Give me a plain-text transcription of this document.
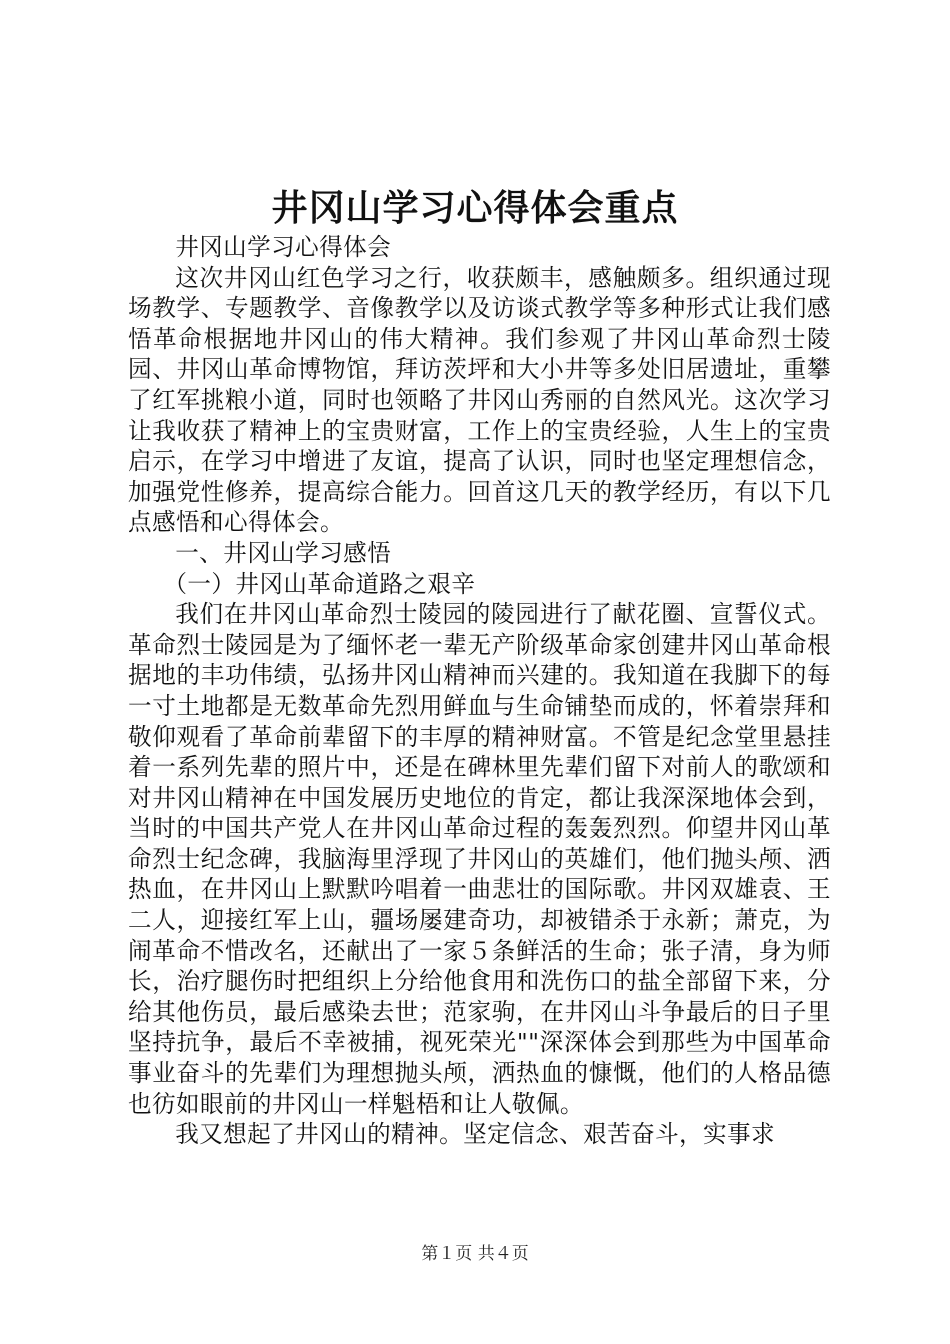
井冈山学习心得体会重点

井冈山学习心得体会

这次井冈山红色学习之行，收获颇丰，感触颇多。组织通过现场教学、专题教学、音像教学以及访谈式教学等多种形式让我们感悟革命根据地井冈山的伟大精神。我们参观了井冈山革命烈士陵园、井冈山革命博物馆，拜访茨坪和大小井等多处旧居遗址，重攀了红军挑粮小道，同时也领略了井冈山秀丽的自然风光。这次学习让我收获了精神上的宝贵财富，工作上的宝贵经验，人生上的宝贵启示，在学习中增进了友谊，提高了认识，同时也坚定理想信念，加强党性修养，提高综合能力。回首这几天的教学经历，有以下几点感悟和心得体会。

一、井冈山学习感悟

（一）井冈山革命道路之艰辛

我们在井冈山革命烈士陵园的陵园进行了献花圈、宣誓仪式。革命烈士陵园是为了缅怀老一辈无产阶级革命家创建井冈山革命根据地的丰功伟绩，弘扬井冈山精神而兴建的。我知道在我脚下的每一寸土地都是无数革命先烈用鲜血与生命铺垫而成的，怀着崇拜和敬仰观看了革命前辈留下的丰厚的精神财富。不管是纪念堂里悬挂着一系列先辈的照片中，还是在碑林里先辈们留下对前人的歌颂和对井冈山精神在中国发展历史地位的肯定，都让我深深地体会到，当时的中国共产党人在井冈山革命过程的轰轰烈烈。仰望井冈山革命烈士纪念碑，我脑海里浮现了井冈山的英雄们，他们抛头颅、洒热血，在井冈山上默默吟唱着一曲悲壮的国际歌。井冈双雄袁、王二人，迎接红军上山，疆场屡建奇功，却被错杀于永新；萧克，为闹革命不惜改名，还献出了一家５条鲜活的生命；张子清，身为师长，治疗腿伤时把组织上分给他食用和洗伤口的盐全部留下来，分给其他伤员，最后感染去世；范家驹，在井冈山斗争最后的日子里坚持抗争，最后不幸被捕，视死荣光""深深体会到那些为中国革命事业奋斗的先辈们为理想抛头颅，洒热血的慷慨，他们的人格品德也彷如眼前的井冈山一样魁梧和让人敬佩。

我又想起了井冈山的精神。坚定信念、艰苦奋斗，实事求

第１页 共４页
